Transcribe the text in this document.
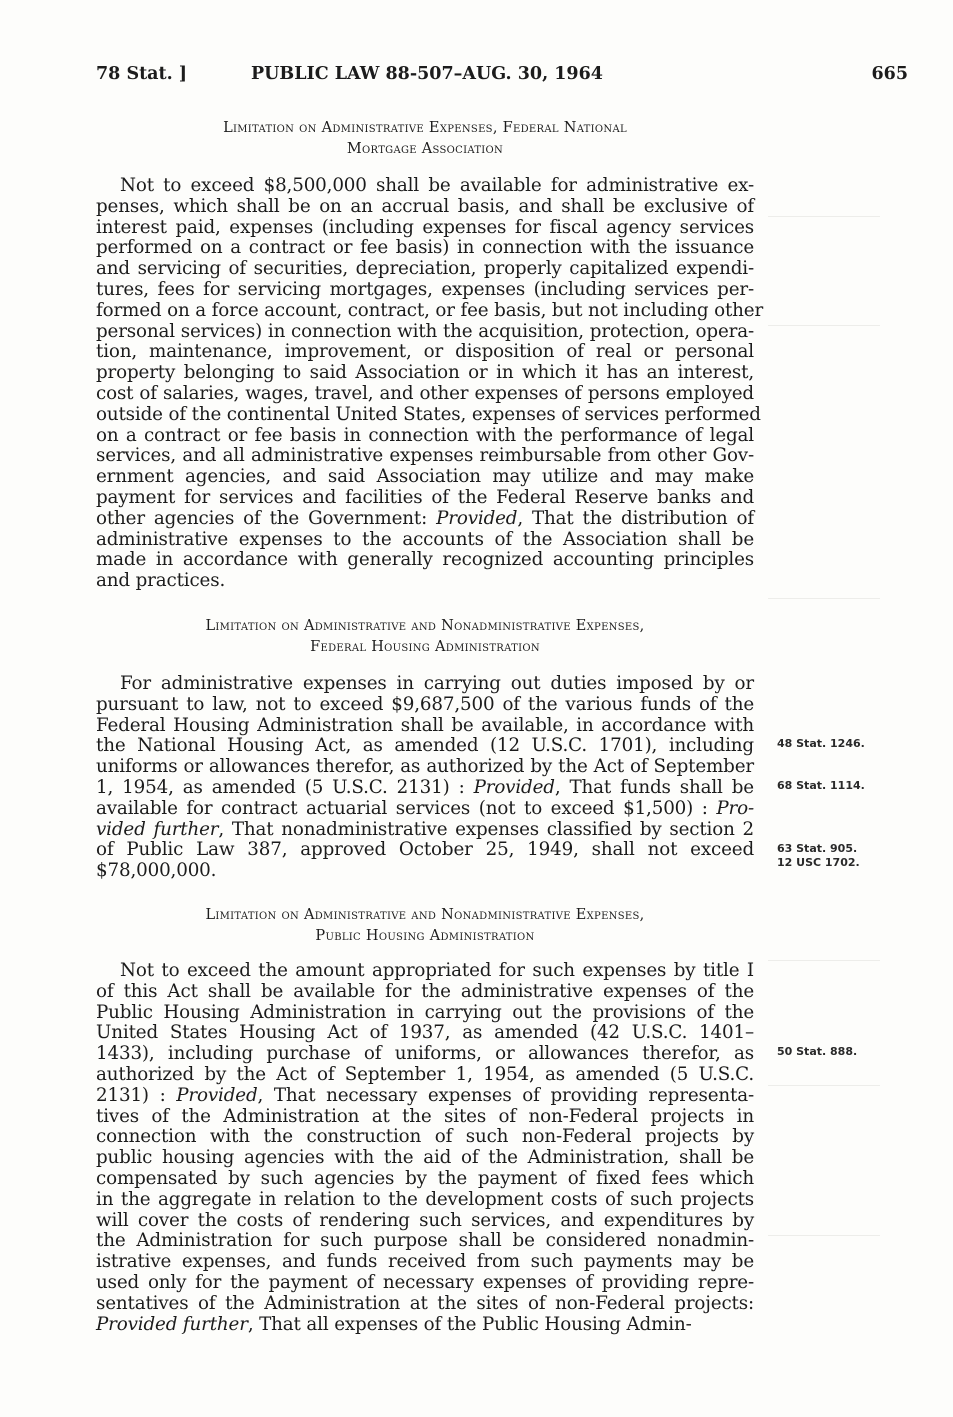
78 Stat. ]	PUBLIC LAW 88-507–AUG. 30, 1964	665
Limitation on Administrative Expenses, Federal National
Mortgage Association
Not to exceed $8,500,000 shall be available for administrative ex-
penses, which shall be on an accrual basis, and shall be exclusive of
interest paid, expenses (including expenses for fiscal agency services
performed on a contract or fee basis) in connection with the issuance
and servicing of securities, depreciation, properly capitalized expendi-
tures, fees for servicing mortgages, expenses (including services per-
formed on a force account, contract, or fee basis, but not including other
personal services) in connection with the acquisition, protection, opera-
tion, maintenance, improvement, or disposition of real or personal
property belonging to said Association or in which it has an interest,
cost of salaries, wages, travel, and other expenses of persons employed
outside of the continental United States, expenses of services performed
on a contract or fee basis in connection with the performance of legal
services, and all administrative expenses reimbursable from other Gov-
ernment agencies, and said Association may utilize and may make
payment for services and facilities of the Federal Reserve banks and
other agencies of the Government: Provided, That the distribution of
administrative expenses to the accounts of the Association shall be
made in accordance with generally recognized accounting principles
and practices.
Limitation on Administrative and Nonadministrative Expenses,
Federal Housing Administration
For administrative expenses in carrying out duties imposed by or
pursuant to law, not to exceed $9,687,500 of the various funds of the
Federal Housing Administration shall be available, in accordance with
the National Housing Act, as amended (12 U.S.C. 1701), including
uniforms or allowances therefor, as authorized by the Act of September
1, 1954, as amended (5 U.S.C. 2131) : Provided, That funds shall be
available for contract actuarial services (not to exceed $1,500) : Pro-
vided further, That nonadministrative expenses classified by section 2
of Public Law 387, approved October 25, 1949, shall not exceed
$78,000,000.
Limitation on Administrative and Nonadministrative Expenses,
Public Housing Administration
Not to exceed the amount appropriated for such expenses by title I
of this Act shall be available for the administrative expenses of the
Public Housing Administration in carrying out the provisions of the
United States Housing Act of 1937, as amended (42 U.S.C. 1401–
1433), including purchase of uniforms, or allowances therefor, as
authorized by the Act of September 1, 1954, as amended (5 U.S.C.
2131) : Provided, That necessary expenses of providing representa-
tives of the Administration at the sites of non-Federal projects in
connection with the construction of such non-Federal projects by
public housing agencies with the aid of the Administration, shall be
compensated by such agencies by the payment of fixed fees which
in the aggregate in relation to the development costs of such projects
will cover the costs of rendering such services, and expenditures by
the Administration for such purpose shall be considered nonadmin-
istrative expenses, and funds received from such payments may be
used only for the payment of necessary expenses of providing repre-
sentatives of the Administration at the sites of non-Federal projects:
Provided further, That all expenses of the Public Housing Admin-
48 Stat. 1246.
68 Stat. 1114.
63 Stat. 905.
12 USC 1702.
50 Stat. 888.
